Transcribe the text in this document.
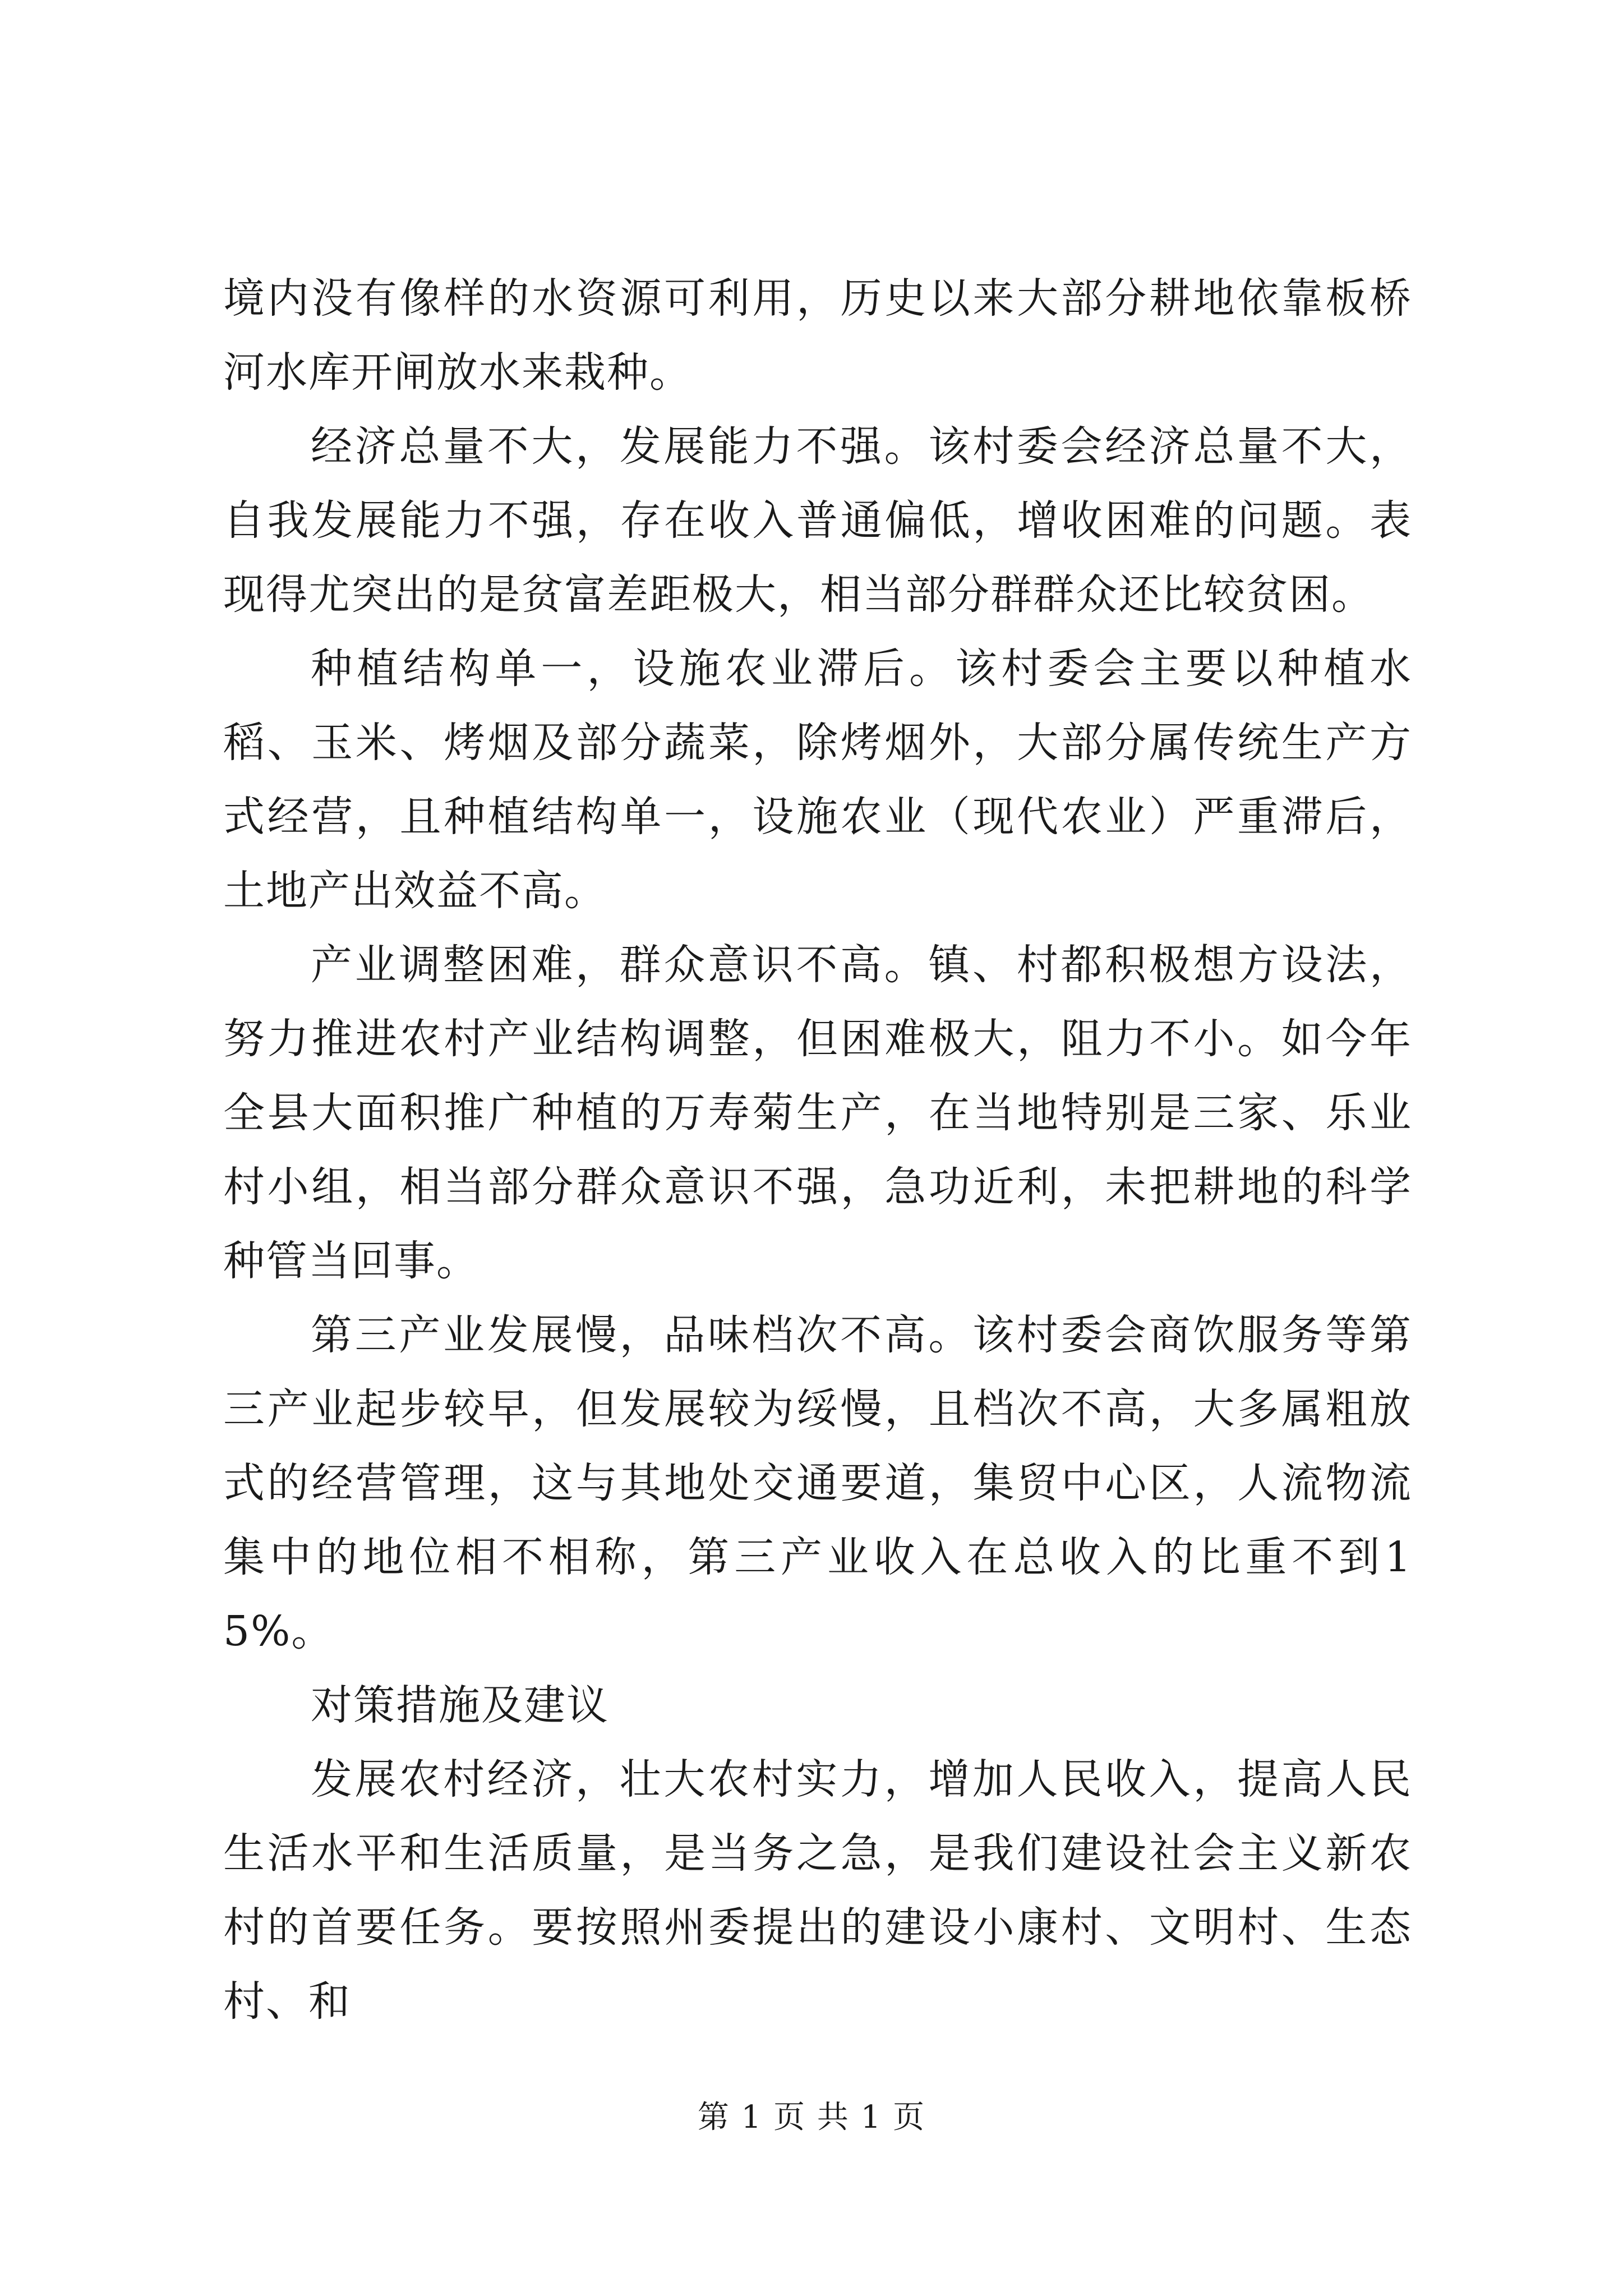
境内没有像样的水资源可利用，历史以来大部分耕地依靠板桥河水库开闸放水来栽种。

经济总量不大，发展能力不强。该村委会经济总量不大，自我发展能力不强，存在收入普通偏低，增收困难的问题。表现得尤突出的是贫富差距极大，相当部分群群众还比较贫困。

种植结构单一，设施农业滞后。该村委会主要以种植水稻、玉米、烤烟及部分蔬菜，除烤烟外，大部分属传统生产方式经营，且种植结构单一，设施农业（现代农业）严重滞后，土地产出效益不高。

产业调整困难，群众意识不高。镇、村都积极想方设法，努力推进农村产业结构调整，但困难极大，阻力不小。如今年全县大面积推广种植的万寿菊生产，在当地特别是三家、乐业村小组，相当部分群众意识不强，急功近利，未把耕地的科学种管当回事。

第三产业发展慢，品味档次不高。该村委会商饮服务等第三产业起步较早，但发展较为绥慢，且档次不高，大多属粗放式的经营管理，这与其地处交通要道，集贸中心区，人流物流集中的地位相不相称，第三产业收入在总收入的比重不到15%。

对策措施及建议

发展农村经济，壮大农村实力，增加人民收入，提高人民生活水平和生活质量，是当务之急，是我们建设社会主义新农村的首要任务。要按照州委提出的建设小康村、文明村、生态村、和

第 1 页 共 1 页
